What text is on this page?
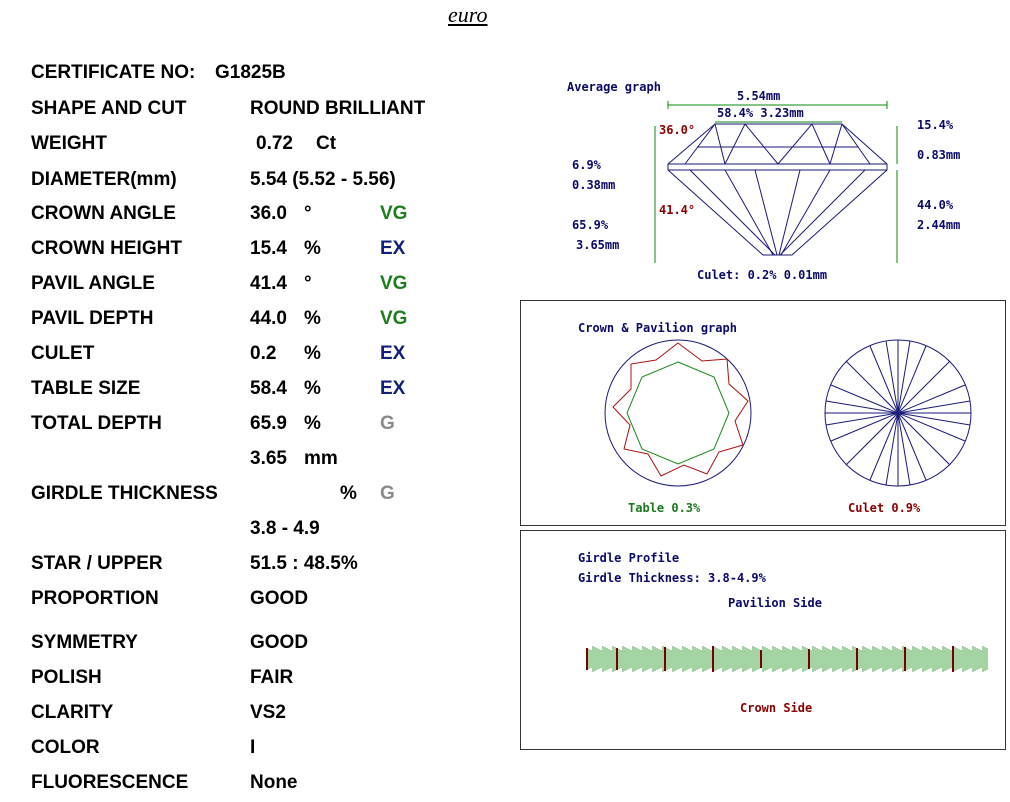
euro
CERTIFICATE NO: G1825B
SHAPE AND CUT	ROUND BRILLIANT
WEIGHT	0.72 Ct
DIAMETER(mm)	5.54 (5.52 - 5.56)
CROWN ANGLE	36.0 °	VG
CROWN HEIGHT	15.4 %	EX
PAVIL ANGLE	41.4 °	VG
PAVIL DEPTH	44.0 %	VG
CULET	0.2 %	EX
TABLE SIZE	58.4 %	EX
TOTAL DEPTH	65.9 %	G
3.65 mm
GIRDLE THICKNESS	% G
3.8 - 4.9
STAR / UPPER	51.5 : 48.5%
PROPORTION	GOOD
SYMMETRY	GOOD
POLISH	FAIR
CLARITY	VS2
COLOR	I
FLUORESCENCE	None
Average graph
5.54mm
58.4% 3.23mm
36.0°
41.4°
15.4%
0.83mm
6.9%
0.38mm
65.9%
3.65mm
44.0%
2.44mm
Culet: 0.2% 0.01mm
Crown & Pavilion graph
Table 0.3%	Culet 0.9%
Girdle Profile
Girdle Thickness: 3.8-4.9%
Pavilion Side
Crown Side
